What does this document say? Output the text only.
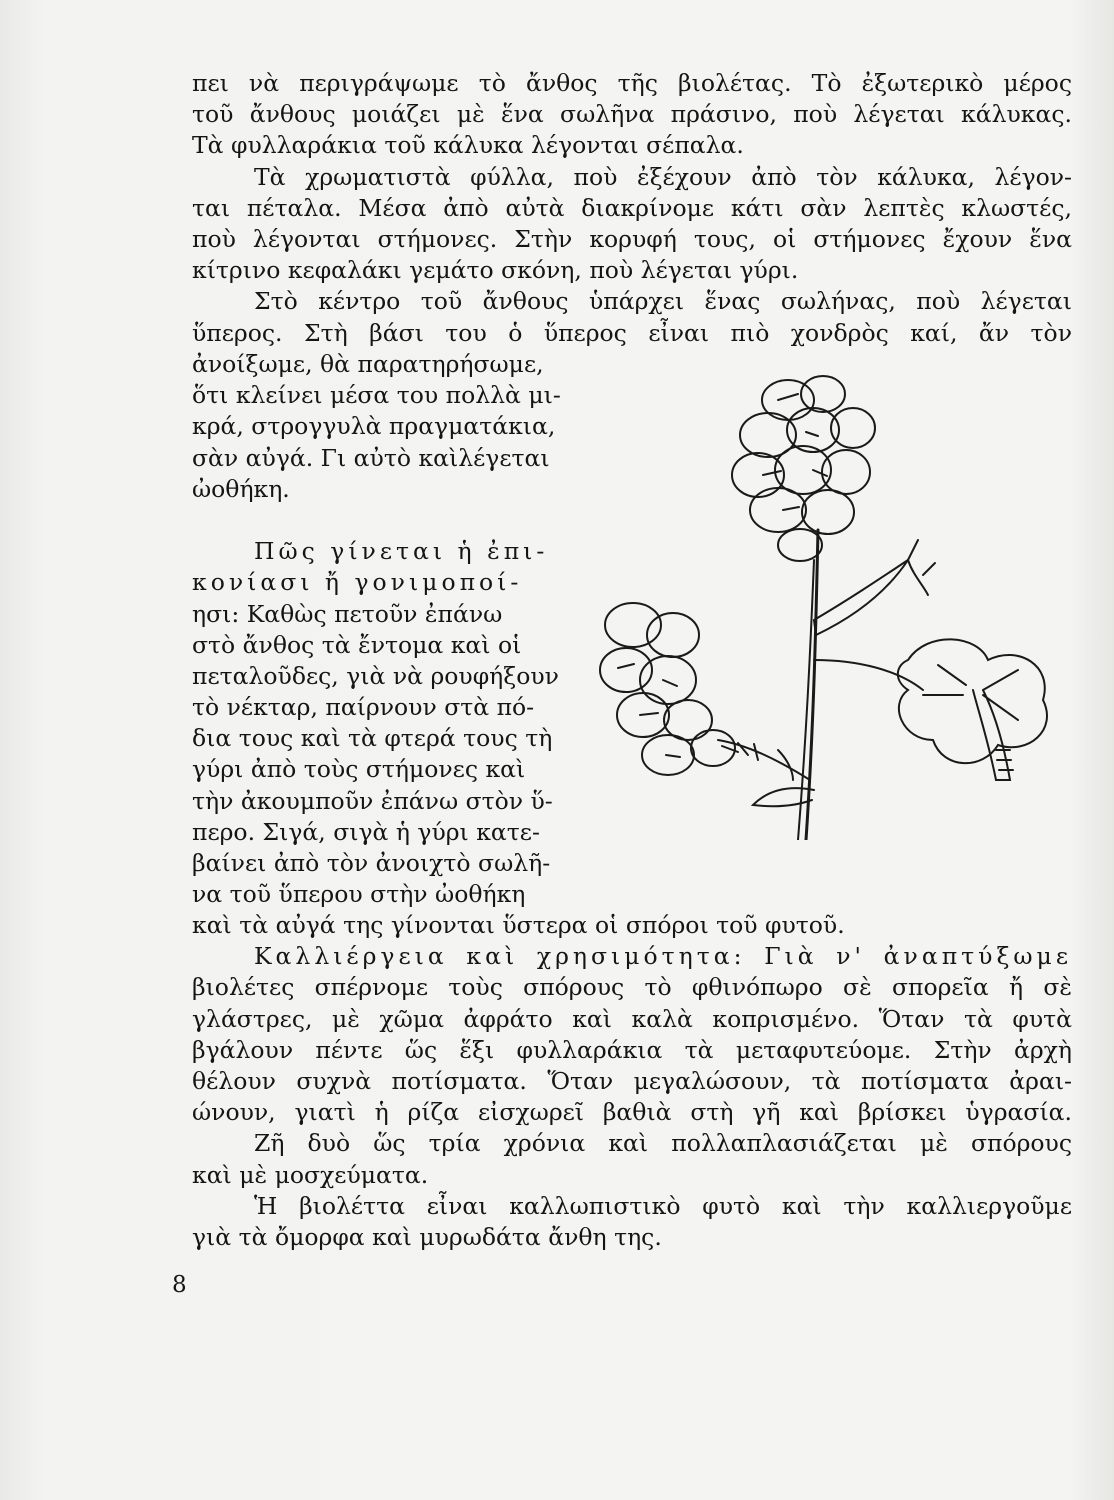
πει νὰ περιγράψωμε τὸ ἄνθος τῆς βιολέτας. Τὸ ἐξωτερικὸ μέρος
τοῦ ἄνθους μοιάζει μὲ ἕνα σωλῆνα πράσινο, ποὺ λέγεται κάλυκας.
Τὰ φυλλαράκια τοῦ κάλυκα λέγονται σέπαλα.
Τὰ χρωματιστὰ φύλλα, ποὺ ἐξέχουν ἀπὸ τὸν κάλυκα, λέγον-
ται πέταλα. Μέσα ἀπὸ αὐτὰ διακρίνομε κάτι σὰν λεπτὲς κλωστές,
ποὺ λέγονται στήμονες. Στὴν κορυφή τους, οἱ στήμονες ἔχουν ἕνα
κίτρινο κεφαλάκι γεμάτο σκόνη, ποὺ λέγεται γύρι.
Στὸ κέντρο τοῦ ἄνθους ὑπάρχει ἕνας σωλήνας, ποὺ λέγεται
ὕπερος. Στὴ βάσι του ὁ ὕπερος εἶναι πιὸ χονδρὸς καί, ἄν τὸν
ἀνοίξωμε, θὰ παρατηρήσωμε,
ὅτι κλείνει μέσα του πολλὰ μι-
κρά, στρογγυλὰ πραγματάκια,
σὰν αὐγά. Γι αὐτὸ καὶλέγεται
ὠοθήκη.
Πῶς γίνεται ἡ ἐπι-
κονίασι ἤ γονιμοποί-
ησι: Καθὼς πετοῦν ἐπάνω
στὸ ἄνθος τὰ ἔντομα καὶ οἱ
πεταλοῦδες, γιὰ νὰ ρουφήξουν
τὸ νέκταρ, παίρνουν στὰ πό-
δια τους καὶ τὰ φτερά τους τὴ
γύρι ἀπὸ τοὺς στήμονες καὶ
τὴν ἀκουμποῦν ἐπάνω στὸν ὕ-
περο. Σιγά, σιγὰ ἡ γύρι κατε-
βαίνει ἀπὸ τὸν ἀνοιχτὸ σωλῆ-
να τοῦ ὕπερου στὴν ὠοθήκη
καὶ τὰ αὐγά της γίνονται ὕστερα οἱ σπόροι τοῦ φυτοῦ.
Καλλιέργεια καὶ χρησιμότητα: Γιὰ ν' ἀναπτύξωμε
βιολέτες σπέρνομε τοὺς σπόρους τὸ φθινόπωρο σὲ σπορεῖα ἤ σὲ
γλάστρες, μὲ χῶμα ἀφράτο καὶ καλὰ κοπρισμένο. Ὅταν τὰ φυτὰ
βγάλουν πέντε ὥς ἕξι φυλλαράκια τὰ μεταφυτεύομε. Στὴν ἀρχὴ
θέλουν συχνὰ ποτίσματα. Ὅταν μεγαλώσουν, τὰ ποτίσματα ἀραι-
ώνουν, γιατὶ ἡ ρίζα εἰσχωρεῖ βαθιὰ στὴ γῆ καὶ βρίσκει ὑγρασία.
Ζῆ δυὸ ὥς τρία χρόνια καὶ πολλαπλασιάζεται μὲ σπόρους
καὶ μὲ μοσχεύματα.
Ἡ βιολέττα εἶναι καλλωπιστικὸ φυτὸ καὶ τὴν καλλιεργοῦμε
γιὰ τὰ ὄμορφα καὶ μυρωδάτα ἄνθη της.
8
